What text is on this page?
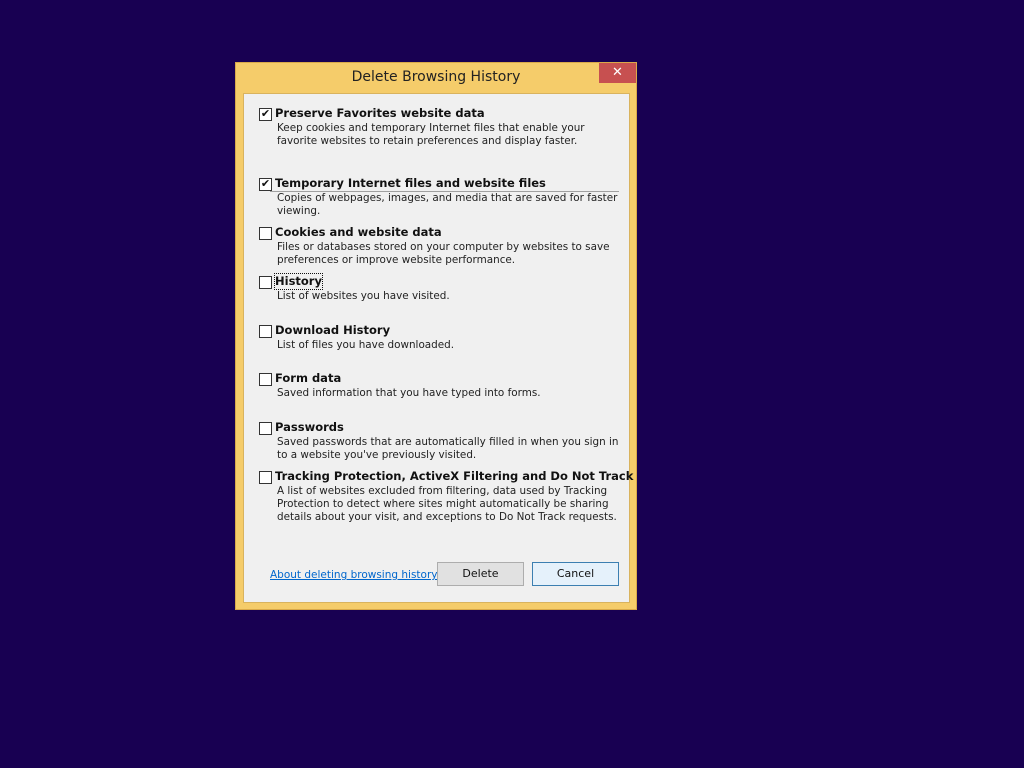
Delete Browsing History	✕
✔ Preserve Favorites website data
Keep cookies and temporary Internet files that enable your favorite websites to retain preferences and display faster.
✔ Temporary Internet files and website files
Copies of webpages, images, and media that are saved for faster viewing.
Cookies and website data
Files or databases stored on your computer by websites to save preferences or improve website performance.
History
List of websites you have visited.
Download History
List of files you have downloaded.
Form data
Saved information that you have typed into forms.
Passwords
Saved passwords that are automatically filled in when you sign in to a website you've previously visited.
Tracking Protection, ActiveX Filtering and Do Not Track
A list of websites excluded from filtering, data used by Tracking Protection to detect where sites might automatically be sharing details about your visit, and exceptions to Do Not Track requests.
About deleting browsing history	Delete	Cancel
